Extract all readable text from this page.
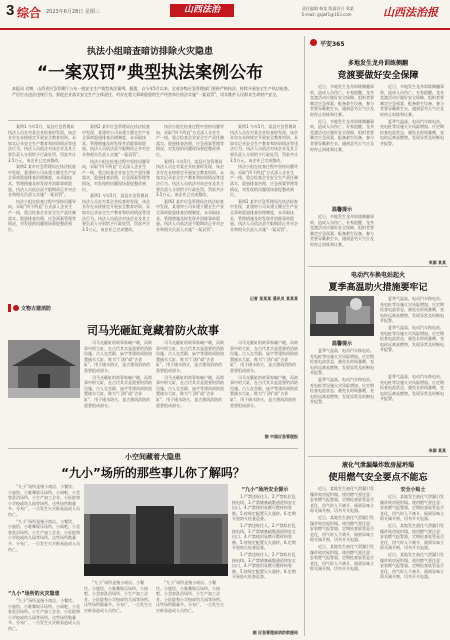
3 综合 2023年6月28日 星期三	山西法治	责任编辑 韩某 版面设计 郑某
E-mail: gsjwf1@163.com	山西法治报
执法小组暗查暗访排除火灾隐患
“一案双罚”典型执法案例公布
本报讯 近期，山西省应急管理厅公布一批安全生产典型执法案例。据悉，自今年5月以来，全省各级应急管理部门坚持严格执法，持续开展安全生产执法检查，严厉打击违法违规行为，督促企业落实安全生产主体责任，对存在重大事故隐患的生产经营单位依法实施“一案双罚”，切实维护人民群众生命财产安全。

案例1 今年5月，某县应急管理局执法人员在对某企业检查时发现，该企业存在未按规定开展安全教育培训、未如实记录安全生产教育和培训情况等违法行为。执法人员依法对该企业及其主要负责人分别给予行政处罚，罚款共计3.5万元。该企业已完成整改。

案例2 某市应急管理局在执法检查中发现，某建材公司未建立健全生产安全事故隐患排查治理制度，未采取技术、管理措施及时发现并消除事故隐患。执法人员依法责令限期改正并对企业和相关负责人实施“一案双罚”。

执法小组在检查过程中坚持问题导向，采取“四不两直”方式深入企业生产一线，重点检查企业安全生产责任制落实、隐患排查治理、应急预案管理等情况，对发现的问题现场督促整改到位。

案例2 某市应急管理局在执法检查中发现，某建材公司未建立健全生产安全事故隐患排查治理制度，未采取技术、管理措施及时发现并消除事故隐患。执法人员依法责令限期改正并对企业和相关负责人实施“一案双罚”。

执法小组在检查过程中坚持问题导向，采取“四不两直”方式深入企业生产一线，重点检查企业安全生产责任制落实、隐患排查治理、应急预案管理等情况，对发现的问题现场督促整改到位。

案例1 今年5月，某县应急管理局执法人员在对某企业检查时发现，该企业存在未按规定开展安全教育培训、未如实记录安全生产教育和培训情况等违法行为。执法人员依法对该企业及其主要负责人分别给予行政处罚，罚款共计3.5万元。该企业已完成整改。

执法小组在检查过程中坚持问题导向，采取“四不两直”方式深入企业生产一线，重点检查企业安全生产责任制落实、隐患排查治理、应急预案管理等情况，对发现的问题现场督促整改到位。

案例1 今年5月，某县应急管理局执法人员在对某企业检查时发现，该企业存在未按规定开展安全教育培训、未如实记录安全生产教育和培训情况等违法行为。执法人员依法对该企业及其主要负责人分别给予行政处罚，罚款共计3.5万元。该企业已完成整改。

案例2 某市应急管理局在执法检查中发现，某建材公司未建立健全生产安全事故隐患排查治理制度，未采取技术、管理措施及时发现并消除事故隐患。执法人员依法责令限期改正并对企业和相关负责人实施“一案双罚”。

案例1 今年5月，某县应急管理局执法人员在对某企业检查时发现，该企业存在未按规定开展安全教育培训、未如实记录安全生产教育和培训情况等违法行为。执法人员依法对该企业及其主要负责人分别给予行政处罚，罚款共计3.5万元。该企业已完成整改。

执法小组在检查过程中坚持问题导向，采取“四不两直”方式深入企业生产一线，重点检查企业安全生产责任制落实、隐患排查治理、应急预案管理等情况，对发现的问题现场督促整改到位。

案例2 某市应急管理局在执法检查中发现，某建材公司未建立健全生产安全事故隐患排查治理制度，未采取技术、管理措施及时发现并消除事故隐患。执法人员依法责令限期改正并对企业和相关负责人实施“一案双罚”。

记者 某某某 通讯员 某某某
平安365
多地发生龙舟训练侧翻
竞渡要做好安全保障

近日，多地发生龙舟训练侧翻事故，造成人员伤亡。专家提醒，龙舟竞渡活动应做好安全保障，组织者要制定应急预案，配备救生设备，参与者要穿戴救生衣，遇到恶劣天气应及时停止训练和比赛。

近日，多地发生龙舟训练侧翻事故，造成人员伤亡。专家提醒，龙舟竞渡活动应做好安全保障，组织者要制定应急预案，配备救生设备，参与者要穿戴救生衣，遇到恶劣天气应及时停止训练和比赛。

近日，多地发生龙舟训练侧翻事故，造成人员伤亡。专家提醒，龙舟竞渡活动应做好安全保障，组织者要制定应急预案，配备救生设备，参与者要穿戴救生衣，遇到恶劣天气应及时停止训练和比赛。

夏季气温高，电动汽车换电站、充电桩等设施火灾风险增加。应定期检查电池状态，避免长时间暴晒，充电时远离易燃物，发现异常及时断电并报警。

温馨提示

近日，多地发生龙舟训练侧翻事故，造成人员伤亡。专家提醒，龙舟竞渡活动应做好安全保障，组织者要制定应急预案，配备救生设备，参与者要穿戴救生衣，遇到恶劣天气应及时停止训练和比赛。

来源 某某
电动汽车换电站起火
夏季高温助火措施要牢记

夏季气温高，电动汽车换电站、充电桩等设施火灾风险增加。应定期检查电池状态，避免长时间暴晒，充电时远离易燃物，发现异常及时断电并报警。

夏季气温高，电动汽车换电站、充电桩等设施火灾风险增加。应定期检查电池状态，避免长时间暴晒，充电时远离易燃物，发现异常及时断电并报警。

温馨提示

夏季气温高，电动汽车换电站、充电桩等设施火灾风险增加。应定期检查电池状态，避免长时间暴晒，充电时远离易燃物，发现异常及时断电并报警。

夏季气温高，电动汽车换电站、充电桩等设施火灾风险增加。应定期检查电池状态，避免长时间暴晒，充电时远离易燃物，发现异常及时断电并报警。

夏季气温高，电动汽车换电站、充电桩等设施火灾风险增加。应定期检查电池状态，避免长时间暴晒，充电时远离易燃物，发现异常及时断电并报警。

来源 某某
液化气泄漏爆炸致房屋坍塌
使用燃气安全要点不能忘

近日，某地发生液化气泄漏引发爆炸致房屋坍塌。使用燃气要注意：安装燃气报警器，定期检查软管是否老化，用气时人不离开，闻到异味立即关阀开窗，切勿开关电器。

近日，某地发生液化气泄漏引发爆炸致房屋坍塌。使用燃气要注意：安装燃气报警器，定期检查软管是否老化，用气时人不离开，闻到异味立即关阀开窗，切勿开关电器。

近日，某地发生液化气泄漏引发爆炸致房屋坍塌。使用燃气要注意：安装燃气报警器，定期检查软管是否老化，用气时人不离开，闻到异味立即关阀开窗，切勿开关电器。

安全小贴士

近日，某地发生液化气泄漏引发爆炸致房屋坍塌。使用燃气要注意：安装燃气报警器，定期检查软管是否老化，用气时人不离开，闻到异味立即关阀开窗，切勿开关电器。

近日，某地发生液化气泄漏引发爆炸致房屋坍塌。使用燃气要注意：安装燃气报警器，定期检查软管是否老化，用气时人不离开，闻到异味立即关阀开窗，切勿开关电器。

近日，某地发生液化气泄漏引发爆炸致房屋坍塌。使用燃气要注意：安装燃气报警器，定期检查软管是否老化，用气时人不离开，闻到异味立即关阀开窗，切勿开关电器。

文物古建消防
司马光砸缸竟藏着防火故事

司马光砸缸的故事家喻户晓，而故事中的大缸，在古代其实是重要的消防设施。古人在宫殿、庙宇等建筑周围放置储水大缸，称为“门海”或“吉祥缸”，用于储水防火，是古建筑消防的重要组成部分。

司马光砸缸的故事家喻户晓，而故事中的大缸，在古代其实是重要的消防设施。古人在宫殿、庙宇等建筑周围放置储水大缸，称为“门海”或“吉祥缸”，用于储水防火，是古建筑消防的重要组成部分。

司马光砸缸的故事家喻户晓，而故事中的大缸，在古代其实是重要的消防设施。古人在宫殿、庙宇等建筑周围放置储水大缸，称为“门海”或“吉祥缸”，用于储水防火，是古建筑消防的重要组成部分。

司马光砸缸的故事家喻户晓，而故事中的大缸，在古代其实是重要的消防设施。古人在宫殿、庙宇等建筑周围放置储水大缸，称为“门海”或“吉祥缸”，用于储水防火，是古建筑消防的重要组成部分。

司马光砸缸的故事家喻户晓，而故事中的大缸，在古代其实是重要的消防设施。古人在宫殿、庙宇等建筑周围放置储水大缸，称为“门海”或“吉祥缸”，用于储水防火，是古建筑消防的重要组成部分。

司马光砸缸的故事家喻户晓，而故事中的大缸，在古代其实是重要的消防设施。古人在宫殿、庙宇等建筑周围放置储水大缸，称为“门海”或“吉祥缸”，用于储水防火，是古建筑消防的重要组成部分。

据 中国应急管理报
小空间藏着大隐患
“九小”场所的那些事儿你了解吗？

“九小”场所是指小商店、小餐饮、小旅馆、小歌舞娱乐场所、小网吧、小美容洗浴场所、小生产加工企业、小医院和小学校或幼儿园等场所。这些场所数量多、分布广，一旦发生火灾极易造成人员伤亡。

“九小”场所是指小商店、小餐饮、小旅馆、小歌舞娱乐场所、小网吧、小美容洗浴场所、小生产加工企业、小医院和小学校或幼儿园等场所。这些场所数量多、分布广，一旦发生火灾极易造成人员伤亡。

“九小”场所的火灾隐患

“九小”场所是指小商店、小餐饮、小旅馆、小歌舞娱乐场所、小网吧、小美容洗浴场所、小生产加工企业、小医院和小学校或幼儿园等场所。这些场所数量多、分布广，一旦发生火灾极易造成人员伤亡。

“九小”场所是指小商店、小餐饮、小旅馆、小歌舞娱乐场所、小网吧、小美容洗浴场所、小生产加工企业、小医院和小学校或幼儿园等场所。这些场所数量多、分布广，一旦发生火灾极易造成人员伤亡。

“九小”场所是指小商店、小餐饮、小旅馆、小歌舞娱乐场所、小网吧、小美容洗浴场所、小生产加工企业、小医院和小学校或幼儿园等场所。这些场所数量多、分布广，一旦发生火灾极易造成人员伤亡。

“九小”场所安全提示

1.严禁违规住人。2.严禁私拉乱接电线。3.严禁堵塞疏散通道和安全出口。4.严禁使用易燃可燃材料装修。5.按规定配置灭火器材。6.定期开展防火检查巡查。

1.严禁违规住人。2.严禁私拉乱接电线。3.严禁堵塞疏散通道和安全出口。4.严禁使用易燃可燃材料装修。5.按规定配置灭火器材。6.定期开展防火检查巡查。

1.严禁违规住人。2.严禁私拉乱接电线。3.严禁堵塞疏散通道和安全出口。4.严禁使用易燃可燃材料装修。5.按规定配置灭火器材。6.定期开展防火检查巡查。

据 应急管理部消防救援局
